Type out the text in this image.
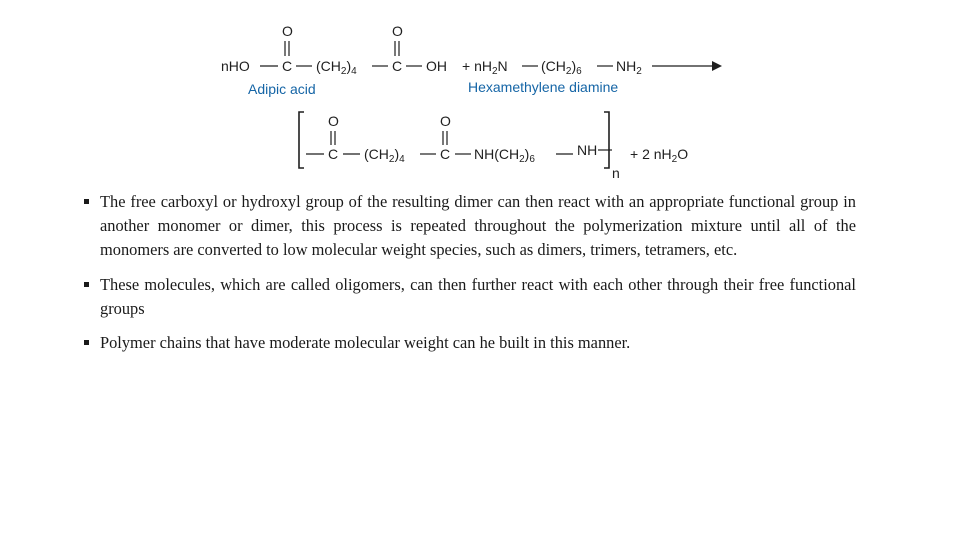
nHO C
O
$(CH_2)_4$	C
O
OH + $nH_2N$ $(CH_2)_6$ $NH_2$
Adipic acid	Hexamethylene diamine
C
O
$(CH_2)_4$	C
O
$NH(CH_2)_6$
NH
n
+ 2 $nH_2O$

The free carboxyl or hydroxyl group of the resulting dimer can then react with an appropriate functional group in another monomer or dimer, this process is repeated throughout the polymerization mixture until all of the monomers are converted to low molecular weight species, such as dimers, trimers, tetramers, etc.

These molecules, which are called oligomers, can then further react with each other through their free functional groups

Polymer chains that have moderate molecular weight can he built in this manner.
